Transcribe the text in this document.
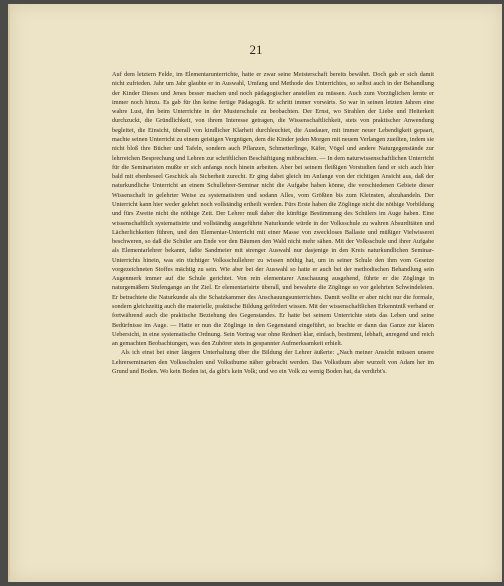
21

Auf dem letztern Felde, im Elementarunterrichte, hatte er zwar seine Meisterschaft bereits bewährt. Doch gab er sich damit nicht zufrieden. Jahr um Jahr glaubte er in Auswahl, Umfang und Methode des Unterrichtes, so selbst auch in der Behandlung der Kinder Dieses und Jenes besser machen und noch pädagogischer anstellen zu müssen. Auch zum Vorzüglichen lernte er immer noch hinzu. Es gab für ihn keine fertige Pädagogik. Er schritt immer vorwärts. So war in seinen letzten Jahren eine wahre Lust, ihn beim Unterrichte in der Musterschule zu beobachten. Der Ernst, wo Strahlen der Liebe und Heiterkeit durchzuckt, die Gründlichkeit, von ihrem Interesse getragen, die Wissenschaftlichkeit, stets von praktischer Anwendung begleitet, die Einsicht, überall von kindlicher Klarheit durchleuchtet, die Ausdauer, mit immer neuer Lebendigkeit gepaart, machte seinen Unterricht zu einem geistigen Vergnügen, dem die Kinder jeden Morgen mit neuem Verlangen zueilten, indem sie nicht bloß ihre Bücher und Tafeln, sondern auch Pflanzen, Schmetterlinge, Käfer, Vögel und andere Naturgegenstände zur lehrreichen Besprechung und Lehren zur schriftlichen Beschäftigung mitbrachten. — In dem naturwissenschaftlichen Unterricht für die Seminaristen mußte er sich anfangs noch hinein arbeiten. Aber bei seinem fleißigen Vorstudien fand er sich auch hier bald mit ebenbeseel Geschick als Sicherheit zurecht. Er ging dabei gleich im Anfange von der richtigen Ansicht aus, daß der naturkundliche Unterricht an einem Schullehrer-Seminar nicht die Aufgabe haben könne, die verschiedenen Gebiete dieser Wissenschaft in gelehrter Weise zu systematisiren und sodann Alles, vom Größten bis zum Kleinsten, abzuhandeln. Der Unterricht kann hier weder gelehrt noch vollständig ertheilt werden. Fürs Erste haben die Zöglinge nicht die nöthige Vorbildung und fürs Zweite nicht die nöthige Zeit. Der Lehrer muß daher die künftige Bestimmung des Schülers im Auge haben. Eine wissenschaftlich systematisirte und vollständig ausgeführte Naturkunde würde in der Volksschule zu wahren Absurditäten und Lächerlichkeiten führen, und den Elementar-Unterricht mit einer Masse von zweckloses Ballaste und müßiger Vielwisserei beschweren, so daß die Schüler am Ende vor den Bäumen den Wald nicht mehr sähen. Mit der Volksschule und ihrer Aufgabe als Elementarlehrer bekannt, faßte Sandmeier mit strenger Auswahl nur dasjenige in den Kreis naturkundlichen Seminar-Unterrichts hinein, was ein tüchtiger Volksschullehrer zu wissen nöthig hat, um in seiner Schule den ihm vom Gesetze vorgezeichneten Stoffes mächtig zu sein. Wie aber bei der Auswahl so hatte er auch bei der methodischen Behandlung sein Augenmerk immer auf die Schule gerichtet. Von rein elementarer Anschauung ausgehend, führte er die Zöglinge in naturgemäßem Stufengange an ihr Ziel. Er elementarisirte überall, und bewahrte die Zöglinge so vor gelehrten Schwindeleien. Er betrachtete die Naturkunde als die Schatzkammer des Anschauungsunterrichtes. Damit wollte er aber nicht nur die formale, sondern gleichzeitig auch die materielle, praktische Bildung gefördert wissen. Mit der wissenschaftlichen Erkenntniß verband er fortwährend auch die praktische Beziehung des Gegenstandes. Er hatte bei seinem Unterrichte stets das Leben und seine Bedürfnisse im Auge. — Hatte er nun die Zöglinge in den Gegenstand eingeführt, so brachte er dann das Ganze zur klaren Uebersicht, in eine systematische Ordnung. Sein Vortrag war ohne Redneri klar, einfach, bestimmt, lebhaft, anregend und reich an gemachten Beobachtungen, was den Zuhörer stets in gespannter Aufmerksamkeit erhielt.

Als ich einst bei einer längern Unterhaltung über die Bildung der Lehrer äußerte: „Nach meiner Ansicht müssen unsere Lehrerseminarien den Volksschulen und Volksthume näher gebracht werden. Das Volksthum aber wurzelt von Adam her im Grund und Boden. Wo kein Boden ist, da gibt's kein Volk; und wo ein Volk zu wenig Boden hat, da verdirbt's.
